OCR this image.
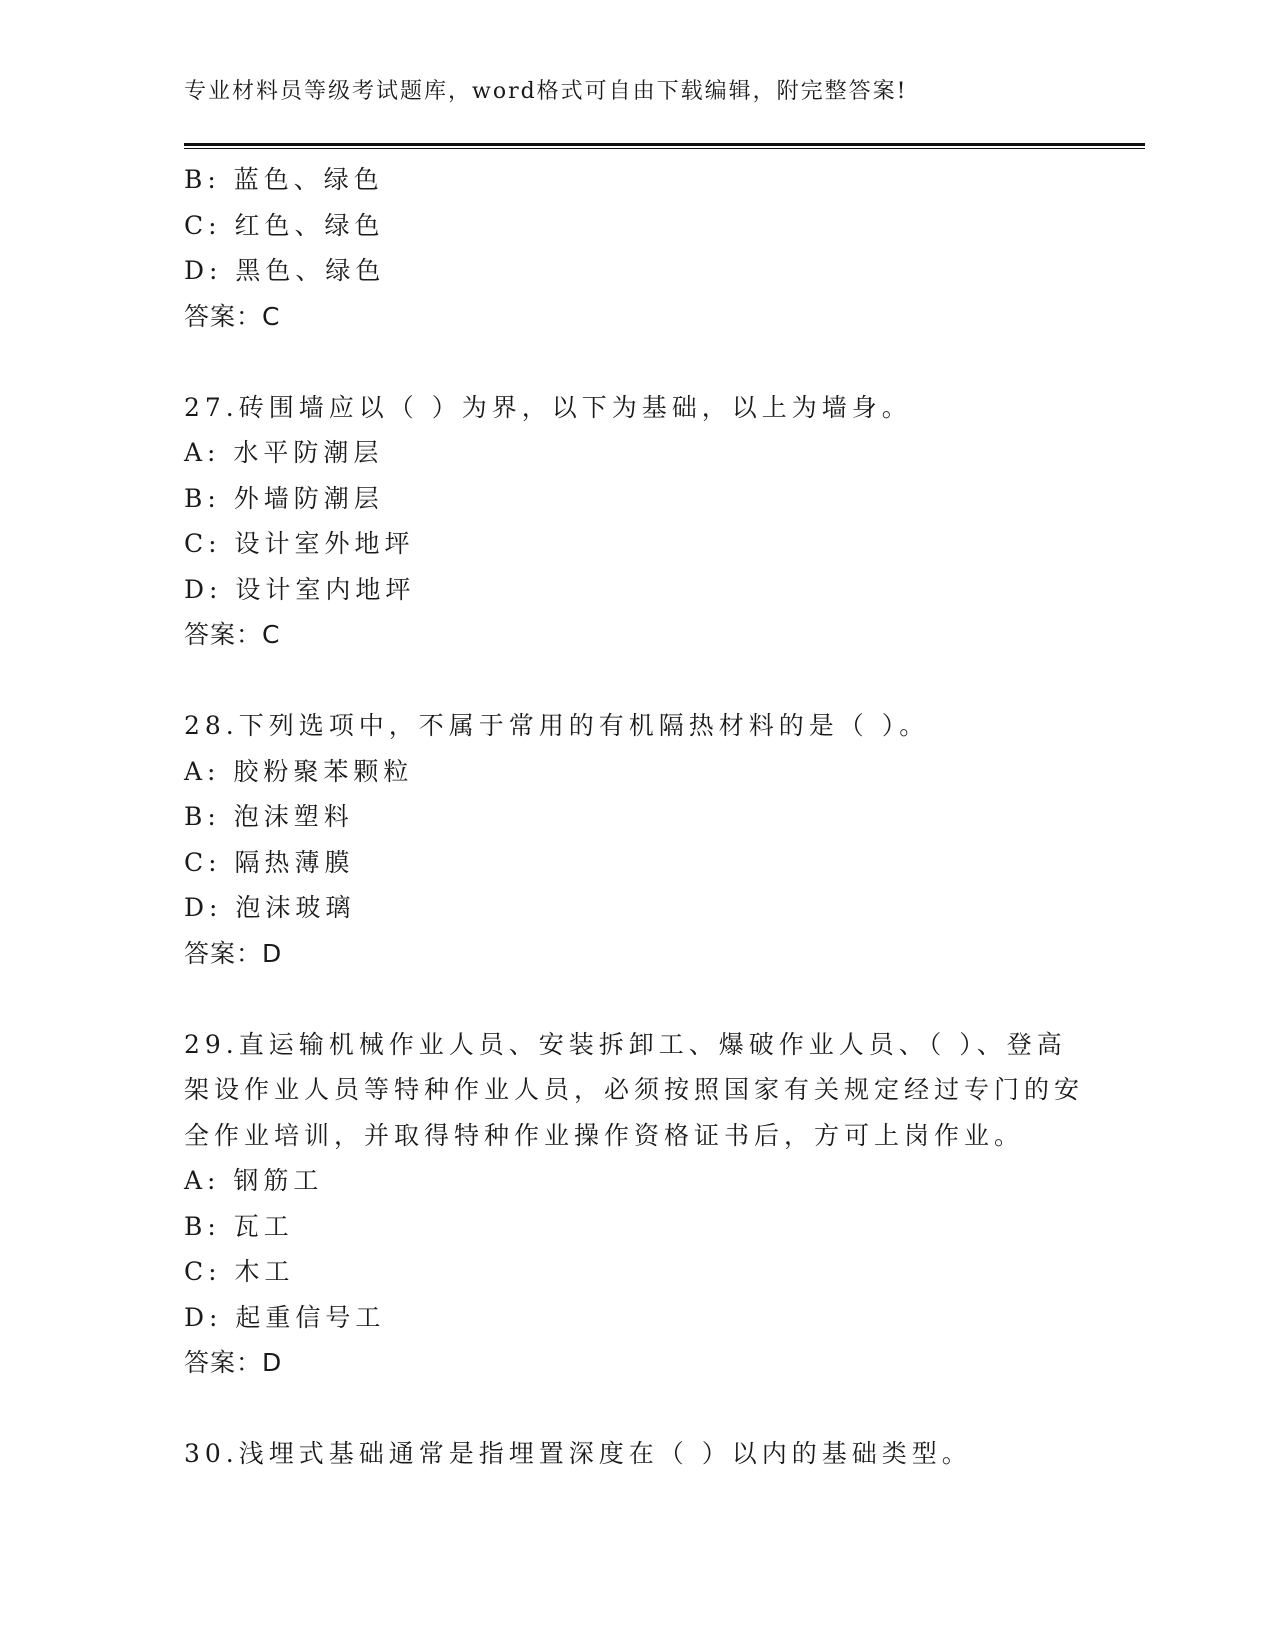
专业材料员等级考试题库，word格式可自由下载编辑，附完整答案!
B: 蓝色、绿色
C: 红色、绿色
D: 黑色、绿色
答案：C
27.砖围墙应以（ ）为界，以下为基础，以上为墙身。
A: 水平防潮层
B: 外墙防潮层
C: 设计室外地坪
D: 设计室内地坪
答案：C
28.下列选项中，不属于常用的有机隔热材料的是（ ）。
A: 胶粉聚苯颗粒
B: 泡沫塑料
C: 隔热薄膜
D: 泡沫玻璃
答案：D
29.直运输机械作业人员、安装拆卸工、爆破作业人员、（ ）、登高
架设作业人员等特种作业人员，必须按照国家有关规定经过专门的安
全作业培训，并取得特种作业操作资格证书后，方可上岗作业。
A: 钢筋工
B: 瓦工
C: 木工
D: 起重信号工
答案：D
30.浅埋式基础通常是指埋置深度在（ ）以内的基础类型。
